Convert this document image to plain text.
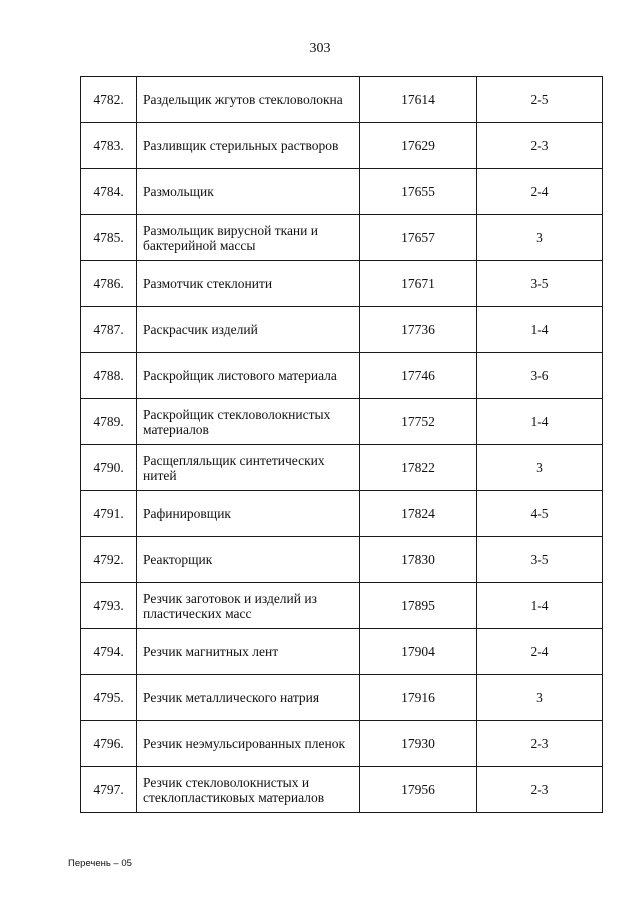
303
4782.	Раздельщик жгутов стекловолокна	17614	2-5
4783.	Разливщик стерильных растворов	17629	2-3
4784.	Размольщик	17655	2-4
4785.	Размольщик вирусной ткани и бактерийной массы	17657	3
4786.	Размотчик стеклонити	17671	3-5
4787.	Раскрасчик изделий	17736	1-4
4788.	Раскройщик листового материала	17746	3-6
4789.	Раскройщик стекловолокнистых материалов	17752	1-4
4790.	Расщепляльщик синтетических нитей	17822	3
4791.	Рафинировщик	17824	4-5
4792.	Реакторщик	17830	3-5
4793.	Резчик заготовок и изделий из пластических масс	17895	1-4
4794.	Резчик магнитных лент	17904	2-4
4795.	Резчик металлического натрия	17916	3
4796.	Резчик неэмульсированных пленок	17930	2-3
4797.	Резчик стекловолокнистых и стеклопластиковых материалов	17956	2-3
Перечень – 05
